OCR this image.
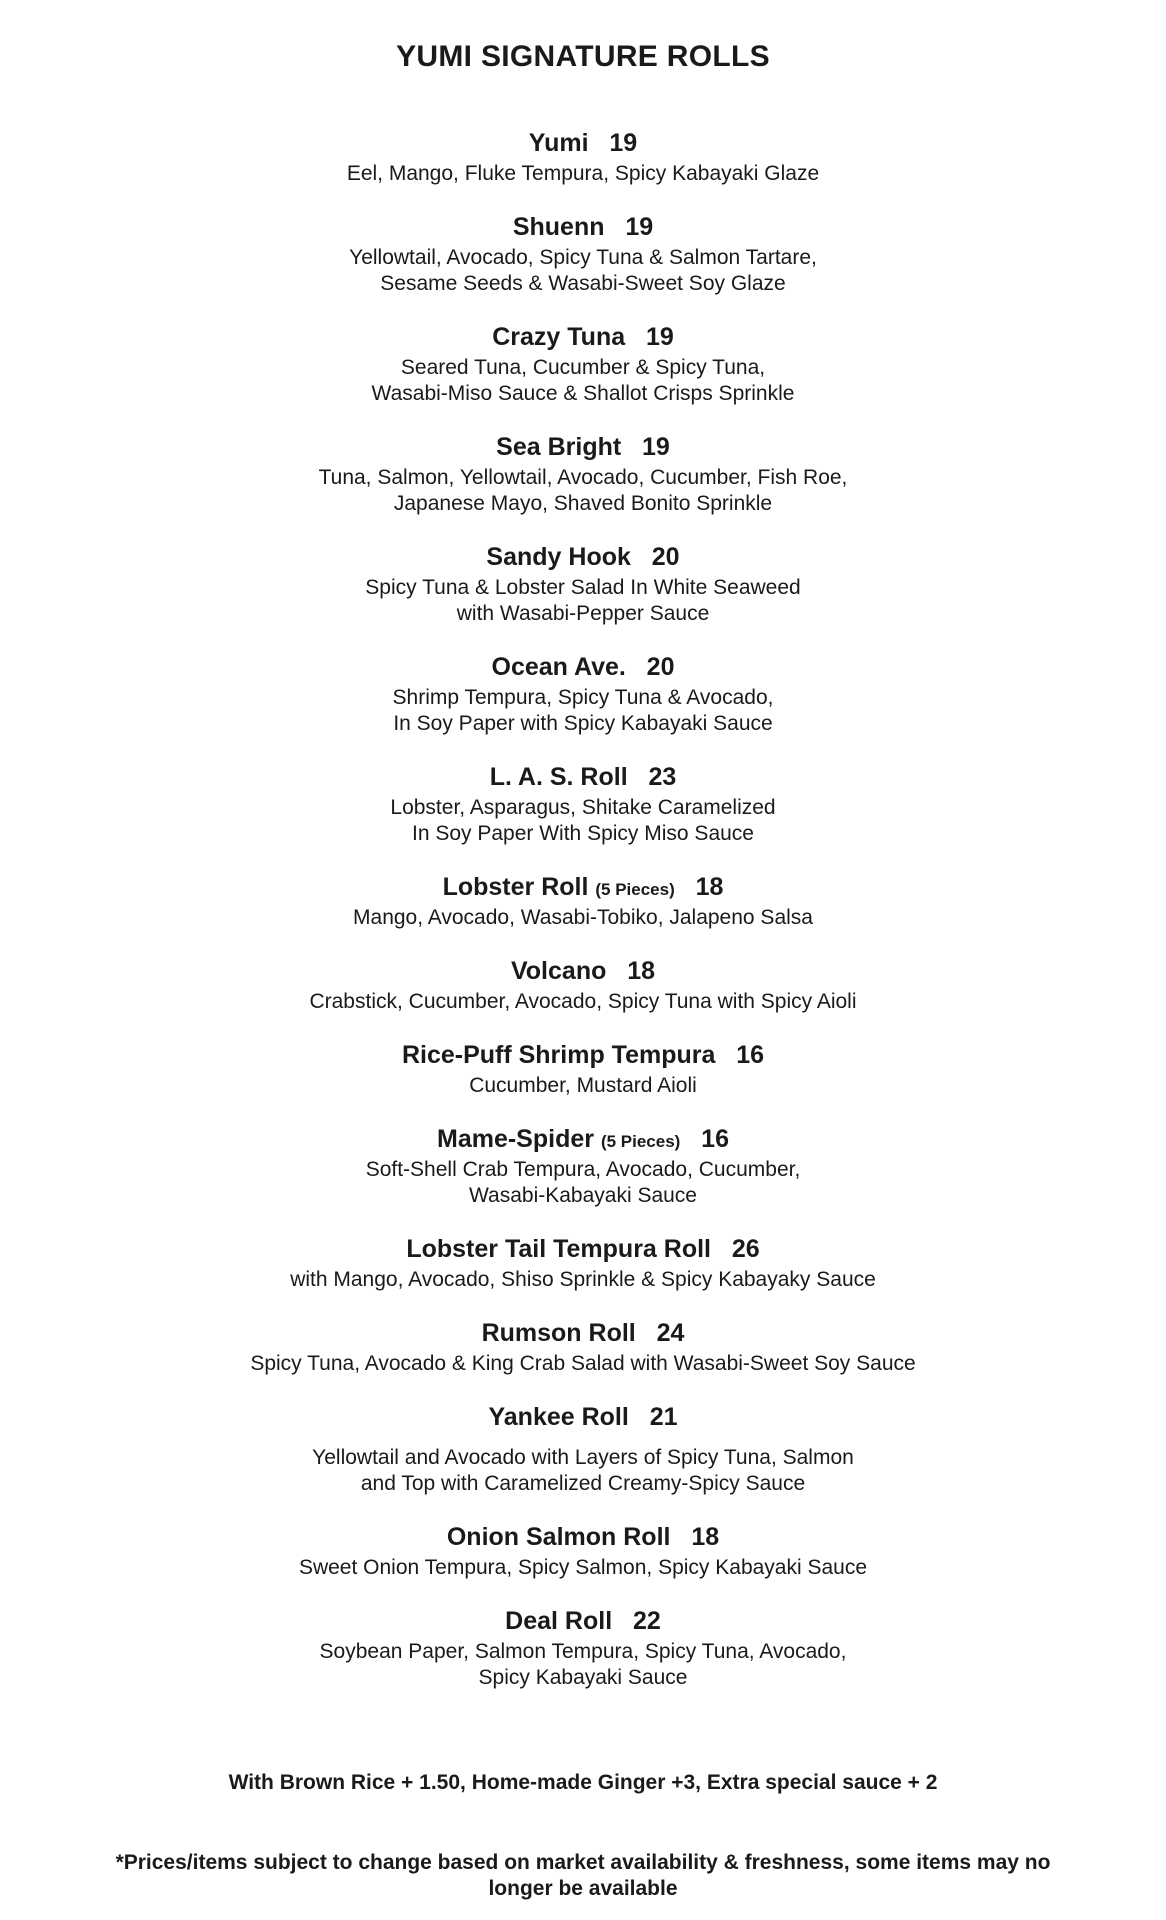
YUMI SIGNATURE ROLLS
Yumi 19
Eel, Mango, Fluke Tempura, Spicy Kabayaki Glaze
Shuenn 19
Yellowtail, Avocado, Spicy Tuna & Salmon Tartare,
Sesame Seeds & Wasabi-Sweet Soy Glaze
Crazy Tuna 19
Seared Tuna, Cucumber & Spicy Tuna,
Wasabi-Miso Sauce & Shallot Crisps Sprinkle
Sea Bright 19
Tuna, Salmon, Yellowtail, Avocado, Cucumber, Fish Roe,
Japanese Mayo, Shaved Bonito Sprinkle
Sandy Hook 20
Spicy Tuna & Lobster Salad In White Seaweed
with Wasabi-Pepper Sauce
Ocean Ave. 20
Shrimp Tempura, Spicy Tuna & Avocado,
In Soy Paper with Spicy Kabayaki Sauce
L. A. S. Roll 23
Lobster, Asparagus, Shitake Caramelized
In Soy Paper With Spicy Miso Sauce
Lobster Roll (5 Pieces) 18
Mango, Avocado, Wasabi-Tobiko, Jalapeno Salsa
Volcano 18
Crabstick, Cucumber, Avocado, Spicy Tuna with Spicy Aioli
Rice-Puff Shrimp Tempura 16
Cucumber, Mustard Aioli
Mame-Spider (5 Pieces) 16
Soft-Shell Crab Tempura, Avocado, Cucumber,
Wasabi-Kabayaki Sauce
Lobster Tail Tempura Roll 26
with Mango, Avocado, Shiso Sprinkle & Spicy Kabayaky Sauce
Rumson Roll 24
Spicy Tuna, Avocado & King Crab Salad with Wasabi-Sweet Soy Sauce
Yankee Roll 21
Yellowtail and Avocado with Layers of Spicy Tuna, Salmon
and Top with Caramelized Creamy-Spicy Sauce
Onion Salmon Roll 18
Sweet Onion Tempura, Spicy Salmon, Spicy Kabayaki Sauce
Deal Roll 22
Soybean Paper, Salmon Tempura, Spicy Tuna, Avocado,
Spicy Kabayaki Sauce
With Brown Rice + 1.50, Home-made Ginger +3, Extra special sauce + 2
*Prices/items subject to change based on market availability & freshness, some items may no
longer be available
